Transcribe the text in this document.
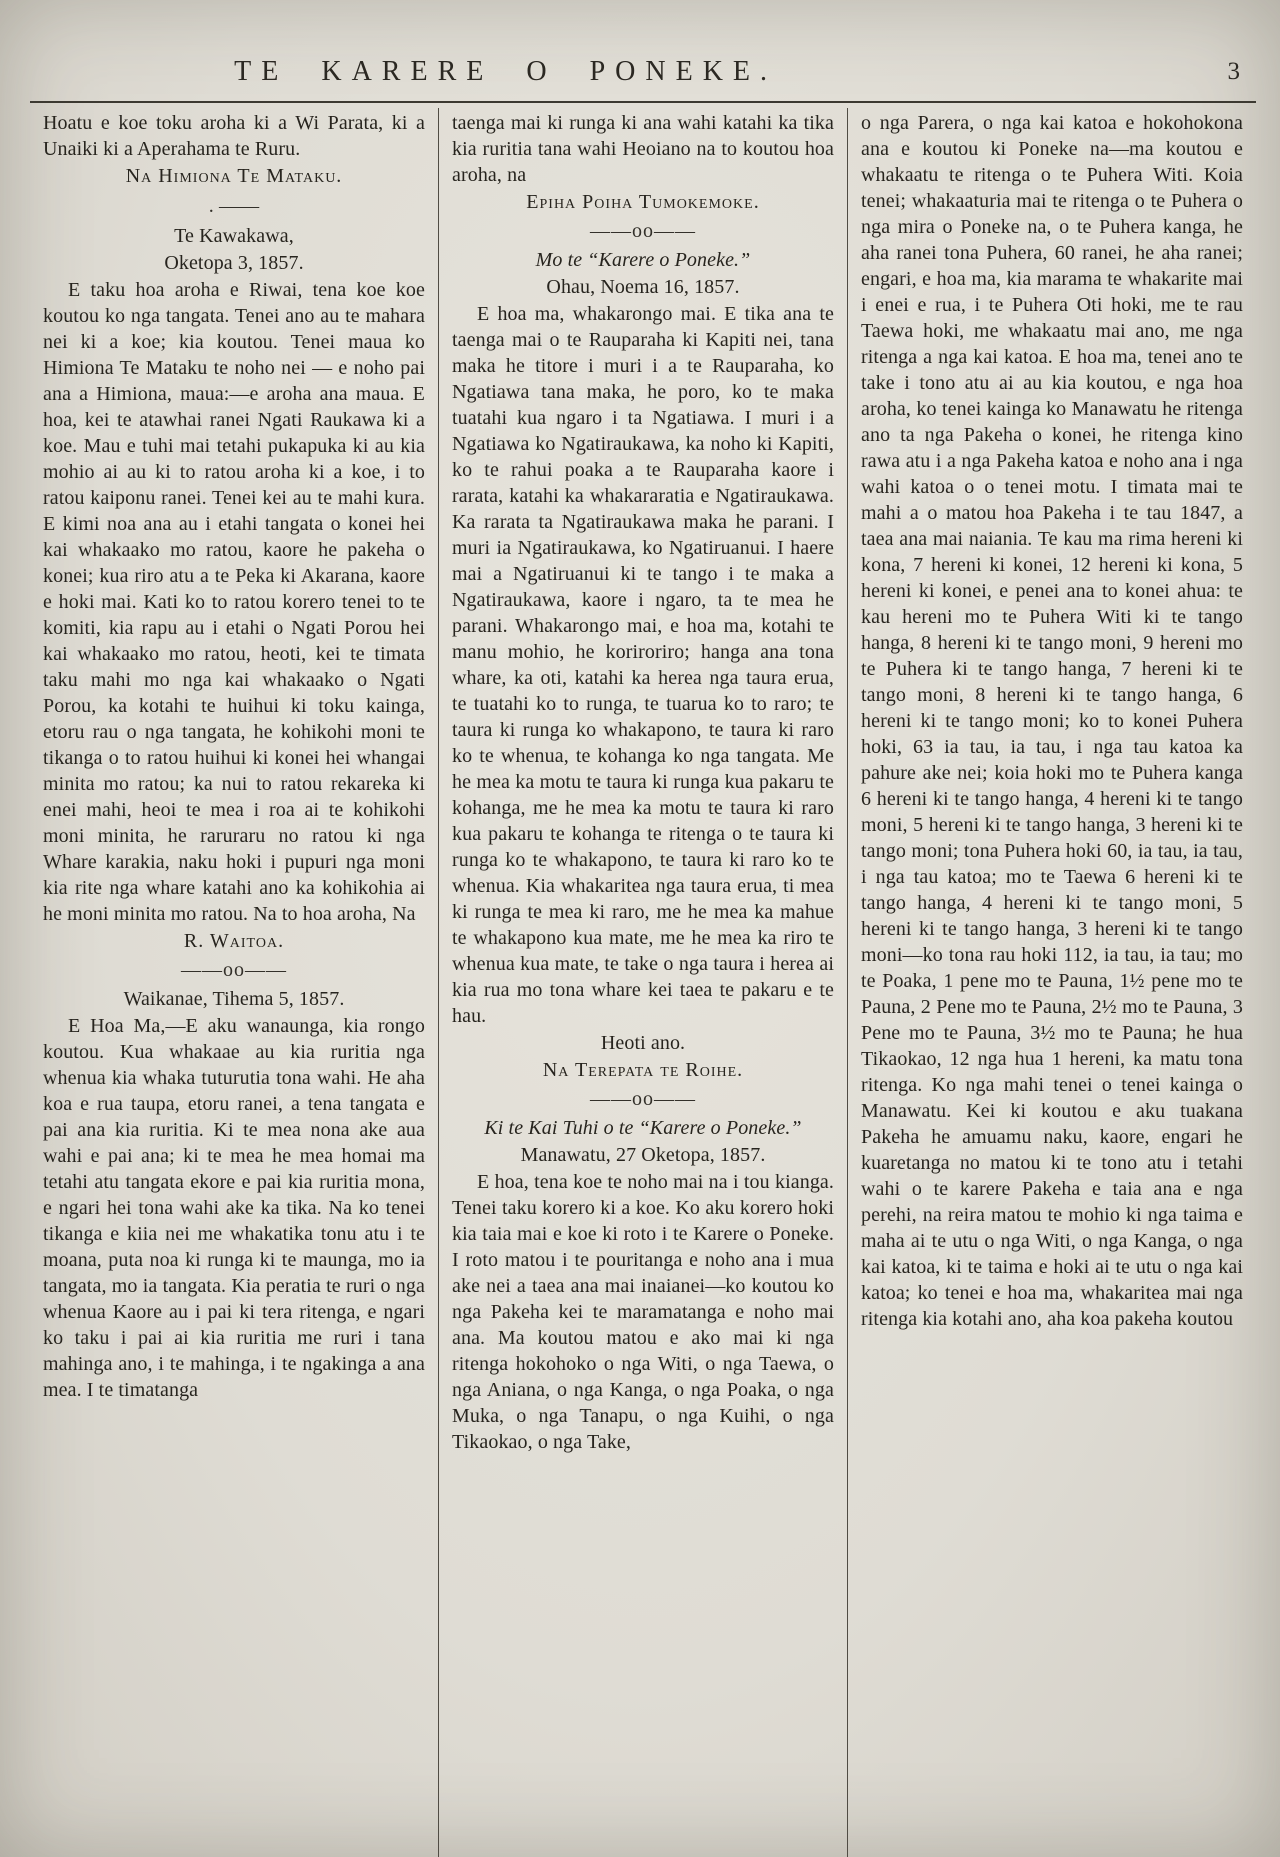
TE KARERE O PONEKE.	3
Hoatu e koe toku aroha ki a Wi Parata, ki a Unaiki ki a Aperahama te Ruru.
Na Himiona Te Mataku.
. ——
Te Kawakawa,
Oketopa 3, 1857.
E taku hoa aroha e Riwai, tena koe koe koutou ko nga tangata. Tenei ano au te mahara nei ki a koe; kia koutou. Tenei maua ko Himiona Te Mataku te noho nei — e noho pai ana a Himiona, maua:—e aroha ana maua. E hoa, kei te atawhai ranei Ngati Raukawa ki a koe. Mau e tuhi mai tetahi pukapuka ki au kia mohio ai au ki to ratou aroha ki a koe, i to ratou kaiponu ranei. Tenei kei au te mahi kura. E kimi noa ana au i etahi tangata o konei hei kai whakaako mo ratou, kaore he pakeha o konei; kua riro atu a te Peka ki Akarana, kaore e hoki mai. Kati ko to ratou korero tenei to te komiti, kia rapu au i etahi o Ngati Porou hei kai whakaako mo ratou, heoti, kei te timata taku mahi mo nga kai whakaako o Ngati Porou, ka kotahi te huihui ki toku kainga, etoru rau o nga tangata, he kohikohi moni te tikanga o to ratou huihui ki konei hei whangai minita mo ratou; ka nui to ratou rekareka ki enei mahi, heoi te mea i roa ai te kohikohi moni minita, he raruraru no ratou ki nga Whare karakia, naku hoki i pupuri nga moni kia rite nga whare katahi ano ka kohikohia ai he moni minita mo ratou. Na to hoa aroha, Na
R. Waitoa.
——oo——
Waikanae, Tihema 5, 1857.
E Hoa Ma,—E aku wanaunga, kia rongo koutou. Kua whakaae au kia ruritia nga whenua kia whaka tuturutia tona wahi. He aha koa e rua taupa, etoru ranei, a tena tangata e pai ana kia ruritia. Ki te mea nona ake aua wahi e pai ana; ki te mea he mea homai ma tetahi atu tangata ekore e pai kia ruritia mona, e ngari hei tona wahi ake ka tika. Na ko tenei tikanga e kiia nei me whakatika tonu atu i te moana, puta noa ki runga ki te maunga, mo ia tangata, mo ia tangata. Kia peratia te ruri o nga whenua Kaore au i pai ki tera ritenga, e ngari ko taku i pai ai kia ruritia me ruri i tana mahinga ano, i te mahinga, i te ngakinga a ana mea. I te timatanga
taenga mai ki runga ki ana wahi katahi ka tika kia ruritia tana wahi Heoiano na to koutou hoa aroha, na
Epiha Poiha Tumokemoke.
——oo——
Mo te “Karere o Poneke.”
Ohau, Noema 16, 1857.
E hoa ma, whakarongo mai. E tika ana te taenga mai o te Rauparaha ki Kapiti nei, tana maka he titore i muri i a te Rauparaha, ko Ngatiawa tana maka, he poro, ko te maka tuatahi kua ngaro i ta Ngatiawa. I muri i a Ngatiawa ko Ngatiraukawa, ka noho ki Kapiti, ko te rahui poaka a te Rauparaha kaore i rarata, katahi ka whakararatia e Ngatiraukawa. Ka rarata ta Ngatiraukawa maka he parani. I muri ia Ngatiraukawa, ko Ngatiruanui. I haere mai a Ngatiruanui ki te tango i te maka a Ngatiraukawa, kaore i ngaro, ta te mea he parani. Whakarongo mai, e hoa ma, kotahi te manu mohio, he koriroriro; hanga ana tona whare, ka oti, katahi ka herea nga taura erua, te tuatahi ko to runga, te tuarua ko to raro; te taura ki runga ko whakapono, te taura ki raro ko te whenua, te kohanga ko nga tangata. Me he mea ka motu te taura ki runga kua pakaru te kohanga, me he mea ka motu te taura ki raro kua pakaru te kohanga te ritenga o te taura ki runga ko te whakapono, te taura ki raro ko te whenua. Kia whakaritea nga taura erua, ti mea ki runga te mea ki raro, me he mea ka mahue te whakapono kua mate, me he mea ka riro te whenua kua mate, te take o nga taura i herea ai kia rua mo tona whare kei taea te pakaru e te hau.
Heoti ano.
Na Terepata te Roihe.
——oo——
Ki te Kai Tuhi o te “Karere o Poneke.”
Manawatu, 27 Oketopa, 1857.
E hoa, tena koe te noho mai na i tou kianga. Tenei taku korero ki a koe. Ko aku korero hoki kia taia mai e koe ki roto i te Karere o Poneke. I roto matou i te pouritanga e noho ana i mua ake nei a taea ana mai inaianei—ko koutou ko nga Pakeha kei te maramatanga e noho mai ana. Ma koutou matou e ako mai ki nga ritenga hokohoko o nga Witi, o nga Taewa, o nga Aniana, o nga Kanga, o nga Poaka, o nga Muka, o nga Tanapu, o nga Kuihi, o nga Tikaokao, o nga Take,
o nga Parera, o nga kai katoa e hokohokona ana e koutou ki Poneke na—ma koutou e whakaatu te ritenga o te Puhera Witi. Koia tenei; whakaaturia mai te ritenga o te Puhera o nga mira o Poneke na, o te Puhera kanga, he aha ranei tona Puhera, 60 ranei, he aha ranei; engari, e hoa ma, kia marama te whakarite mai i enei e rua, i te Puhera Oti hoki, me te rau Taewa hoki, me whakaatu mai ano, me nga ritenga a nga kai katoa. E hoa ma, tenei ano te take i tono atu ai au kia koutou, e nga hoa aroha, ko tenei kainga ko Manawatu he ritenga ano ta nga Pakeha o konei, he ritenga kino rawa atu i a nga Pakeha katoa e noho ana i nga wahi katoa o o tenei motu. I timata mai te mahi a o matou hoa Pakeha i te tau 1847, a taea ana mai naiania. Te kau ma rima hereni ki kona, 7 hereni ki konei, 12 hereni ki kona, 5 hereni ki konei, e penei ana to konei ahua: te kau hereni mo te Puhera Witi ki te tango hanga, 8 hereni ki te tango moni, 9 hereni mo te Puhera ki te tango hanga, 7 hereni ki te tango moni, 8 hereni ki te tango hanga, 6 hereni ki te tango moni; ko to konei Puhera hoki, 63 ia tau, ia tau, i nga tau katoa ka pahure ake nei; koia hoki mo te Puhera kanga 6 hereni ki te tango hanga, 4 hereni ki te tango moni, 5 hereni ki te tango hanga, 3 hereni ki te tango moni; tona Puhera hoki 60, ia tau, ia tau, i nga tau katoa; mo te Taewa 6 hereni ki te tango hanga, 4 hereni ki te tango moni, 5 hereni ki te tango hanga, 3 hereni ki te tango moni—ko tona rau hoki 112, ia tau, ia tau; mo te Poaka, 1 pene mo te Pauna, 1½ pene mo te Pauna, 2 Pene mo te Pauna, 2½ mo te Pauna, 3 Pene mo te Pauna, 3½ mo te Pauna; he hua Tikaokao, 12 nga hua 1 hereni, ka matu tona ritenga. Ko nga mahi tenei o tenei kainga o Manawatu. Kei ki koutou e aku tuakana Pakeha he amuamu naku, kaore, engari he kuaretanga no matou ki te tono atu i tetahi wahi o te karere Pakeha e taia ana e nga perehi, na reira matou te mohio ki nga taima e maha ai te utu o nga Witi, o nga Kanga, o nga kai katoa, ki te taima e hoki ai te utu o nga kai katoa; ko tenei e hoa ma, whakaritea mai nga ritenga kia kotahi ano, aha koa pakeha koutou
